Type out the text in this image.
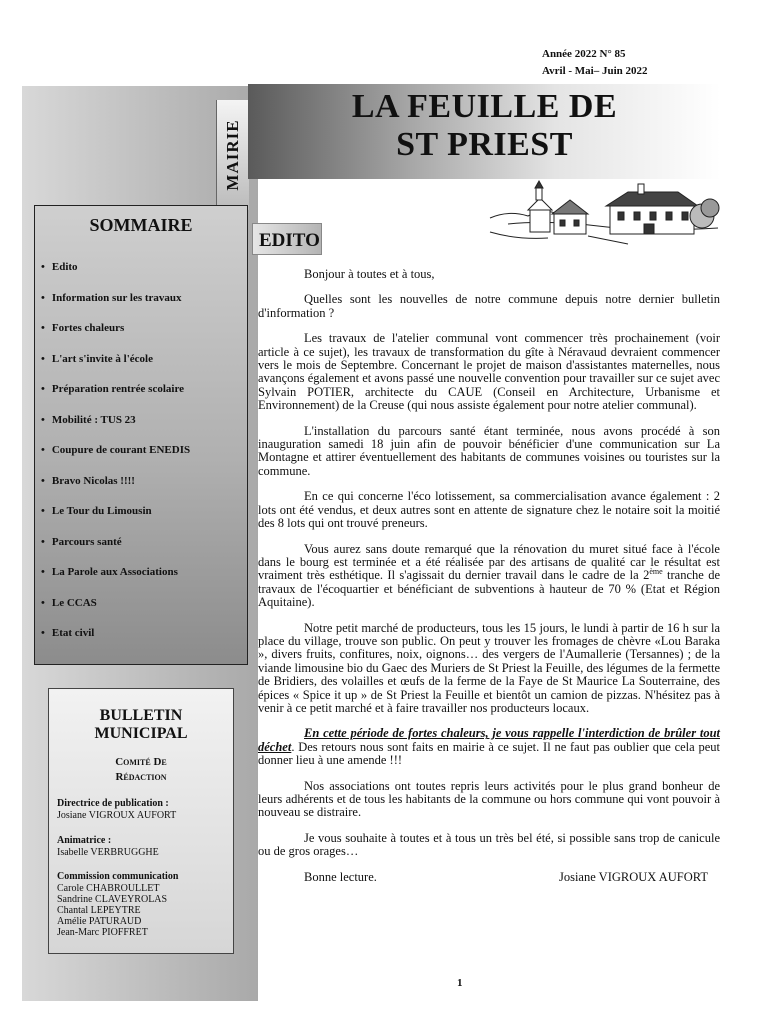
Année 2022 N° 85
Avril - Mai– Juin 2022
MAIRIE
LA FEUILLE DE
ST PRIEST
SOMMAIRE
• Edito
• Information sur les travaux
• Fortes chaleurs
• L'art s'invite à l'école
• Préparation rentrée scolaire
• Mobilité : TUS 23
• Coupure de courant ENEDIS
• Bravo Nicolas !!!!
• Le Tour du Limousin
• Parcours santé
• La Parole aux Associations
• Le CCAS
• Etat civil
BULLETIN
MUNICIPAL
Comité De
Rédaction
Directrice de publication :
Josiane VIGROUX AUFORT
Animatrice :
Isabelle VERBRUGGHE
Commission communication
Carole CHABROULLET
Sandrine CLAVEYROLAS
Chantal LEPEYTRE
Amélie PATURAUD
Jean-Marc PIOFFRET
EDITO

Bonjour à toutes et à tous,

Quelles sont les nouvelles de notre commune depuis notre dernier bulletin d'information ?

Les travaux de l'atelier communal vont commencer très prochainement (voir article à ce sujet), les travaux de transformation du gîte à Néravaud devraient commencer vers le mois de Septembre. Concernant le projet de maison d'assistantes maternelles, nous avançons également et avons passé une nouvelle convention pour travailler sur ce sujet avec Sylvain POTIER, architecte du CAUE (Conseil en Architecture, Urbanisme et Environnement) de la Creuse (qui nous assiste également pour notre atelier communal).

L'installation du parcours santé étant terminée, nous avons procédé à son inauguration samedi 18 juin afin de pouvoir bénéficier d'une communication sur La Montagne et attirer éventuellement des habitants de communes voisines ou touristes sur la commune.

En ce qui concerne l'éco lotissement, sa commercialisation avance également : 2 lots ont été vendus, et deux autres sont en attente de signature chez le notaire soit la moitié des 8 lots qui ont trouvé preneurs.

Vous aurez sans doute remarqué que la rénovation du muret situé face à l'école dans le bourg est terminée et a été réalisée par des artisans de qualité car le résultat est vraiment très esthétique. Il s'agissait du dernier travail dans le cadre de la 2ème tranche de travaux de l'écoquartier et bénéficiant de subventions à hauteur de 70 % (Etat et Région Aquitaine).

Notre petit marché de producteurs, tous les 15 jours, le lundi à partir de 16 h sur la place du village, trouve son public. On peut y trouver les fromages de chèvre «Lou Baraka », divers fruits, confitures, noix, oignons… des vergers de l'Aumallerie (Tersannes) ; de la viande limousine bio du Gaec des Muriers de St Priest la Feuille, des légumes de la fermette de Bridiers, des volailles et œufs de la ferme de la Faye de St Maurice La Souterraine, des épices « Spice it up » de St Priest la Feuille et bientôt un camion de pizzas. N'hésitez pas à venir à ce petit marché et à faire travailler nos producteurs locaux.

En cette période de fortes chaleurs, je vous rappelle l'interdiction de brûler tout déchet. Des retours nous sont faits en mairie à ce sujet. Il ne faut pas oublier que cela peut donner lieu à une amende !!!

Nos associations ont toutes repris leurs activités pour le plus grand bonheur de leurs adhérents et de tous les habitants de la commune ou hors commune qui vont pouvoir à nouveau se distraire.

Je vous souhaite à toutes et à tous un très bel été, si possible sans trop de canicule ou de gros orages…

Bonne lecture.	Josiane VIGROUX AUFORT
1
